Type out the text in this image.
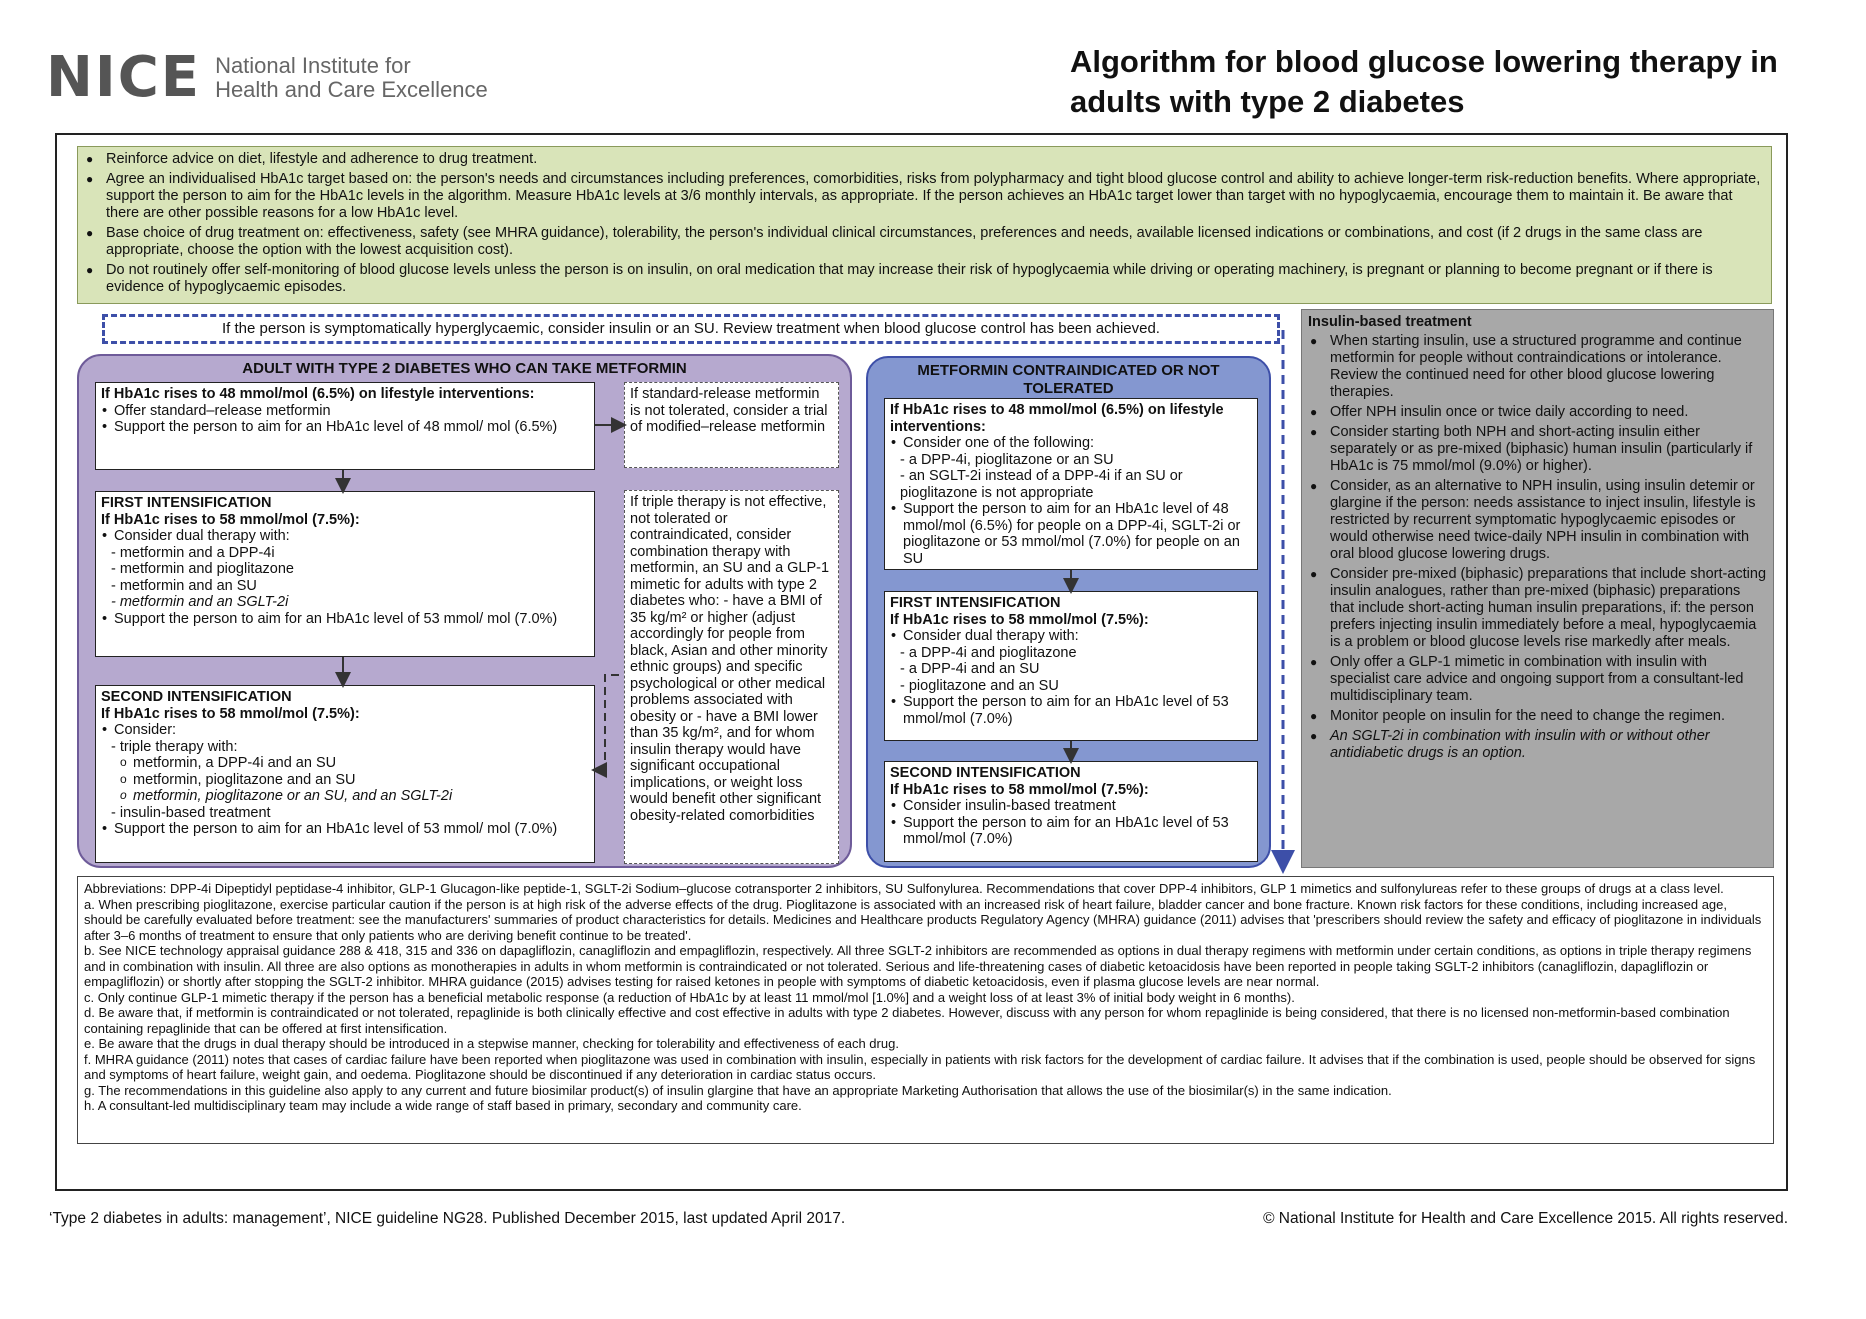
NICE National Institute for
Health and Care Excellence
Algorithm for blood glucose lowering therapy in
adults with type 2 diabetes
● Reinforce advice on diet, lifestyle and adherence to drug treatment.
● Agree an individualised HbA1c target based on: the person's needs and circumstances including preferences, comorbidities, risks from polypharmacy and tight blood glucose control and ability to achieve longer-term risk-reduction benefits. Where appropriate, support the person to aim for the HbA1c levels in the algorithm. Measure HbA1c levels at 3/6 monthly intervals, as appropriate. If the person achieves an HbA1c target lower than target with no hypoglycaemia, encourage them to maintain it. Be aware that there are other possible reasons for a low HbA1c level.
● Base choice of drug treatment on: effectiveness, safety (see MHRA guidance), tolerability, the person's individual clinical circumstances, preferences and needs, available licensed indications or combinations, and cost (if 2 drugs in the same class are appropriate, choose the option with the lowest acquisition cost).
● Do not routinely offer self-monitoring of blood glucose levels unless the person is on insulin, on oral medication that may increase their risk of hypoglycaemia while driving or operating machinery, is pregnant or planning to become pregnant or if there is evidence of hypoglycaemic episodes.
If the person is symptomatically hyperglycaemic, consider insulin or an SU. Review treatment when blood glucose control has been achieved.
ADULT WITH TYPE 2 DIABETES WHO CAN TAKE METFORMIN
If HbA1c rises to 48 mmol/mol (6.5%) on lifestyle interventions:
• Offer standard–release metformin
• Support the person to aim for an HbA1c level of 48 mmol/ mol (6.5%)
If standard-release metformin is not tolerated, consider a trial of modified–release metformin
FIRST INTENSIFICATION
If HbA1c rises to 58 mmol/mol (7.5%):
• Consider dual therapy with:
- metformin and a DPP-4i
- metformin and pioglitazone
- metformin and an SU
- metformin and an SGLT-2i
• Support the person to aim for an HbA1c level of 53 mmol/ mol (7.0%)
SECOND INTENSIFICATION
If HbA1c rises to 58 mmol/mol (7.5%):
• Consider:
- triple therapy with:
o metformin, a DPP-4i and an SU
o metformin, pioglitazone and an SU
o metformin, pioglitazone or an SU, and an SGLT-2i
- insulin-based treatment
• Support the person to aim for an HbA1c level of 53 mmol/ mol (7.0%)
If triple therapy is not effective, not tolerated or contraindicated, consider combination therapy with metformin, an SU and a GLP-1 mimetic for adults with type 2 diabetes who: - have a BMI of 35 kg/m² or higher (adjust accordingly for people from black, Asian and other minority ethnic groups) and specific psychological or other medical problems associated with obesity or - have a BMI lower than 35 kg/m², and for whom insulin therapy would have significant occupational implications, or weight loss would benefit other significant obesity-related comorbidities
METFORMIN CONTRAINDICATED OR NOT
TOLERATED
If HbA1c rises to 48 mmol/mol (6.5%) on lifestyle interventions:
• Consider one of the following:
- a DPP-4i, pioglitazone or an SU
- an SGLT-2i instead of a DPP-4i if an SU or pioglitazone is not appropriate
• Support the person to aim for an HbA1c level of 48 mmol/mol (6.5%) for people on a DPP-4i, SGLT-2i or pioglitazone or 53 mmol/mol (7.0%) for people on an SU
FIRST INTENSIFICATION
If HbA1c rises to 58 mmol/mol (7.5%):
• Consider dual therapy with:
- a DPP-4i and pioglitazone
- a DPP-4i and an SU
- pioglitazone and an SU
• Support the person to aim for an HbA1c level of 53 mmol/mol (7.0%)
SECOND INTENSIFICATION
If HbA1c rises to 58 mmol/mol (7.5%):
• Consider insulin-based treatment
• Support the person to aim for an HbA1c level of 53 mmol/mol (7.0%)
Insulin-based treatment
● When starting insulin, use a structured programme and continue metformin for people without contraindications or intolerance. Review the continued need for other blood glucose lowering therapies.
● Offer NPH insulin once or twice daily according to need.
● Consider starting both NPH and short-acting insulin either separately or as pre-mixed (biphasic) human insulin (particularly if HbA1c is 75 mmol/mol (9.0%) or higher).
● Consider, as an alternative to NPH insulin, using insulin detemir or glargine if the person: needs assistance to inject insulin, lifestyle is restricted by recurrent symptomatic hypoglycaemic episodes or would otherwise need twice-daily NPH insulin in combination with oral blood glucose lowering drugs.
● Consider pre-mixed (biphasic) preparations that include short-acting insulin analogues, rather than pre-mixed (biphasic) preparations that include short-acting human insulin preparations, if: the person prefers injecting insulin immediately before a meal, hypoglycaemia is a problem or blood glucose levels rise markedly after meals.
● Only offer a GLP-1 mimetic in combination with insulin with specialist care advice and ongoing support from a consultant-led multidisciplinary team.
● Monitor people on insulin for the need to change the regimen.
● An SGLT-2i in combination with insulin with or without other antidiabetic drugs is an option.

Abbreviations: DPP-4i Dipeptidyl peptidase-4 inhibitor, GLP-1 Glucagon-like peptide-1, SGLT-2i Sodium–glucose cotransporter 2 inhibitors, SU Sulfonylurea. Recommendations that cover DPP-4 inhibitors, GLP 1 mimetics and sulfonylureas refer to these groups of drugs at a class level.

a. When prescribing pioglitazone, exercise particular caution if the person is at high risk of the adverse effects of the drug. Pioglitazone is associated with an increased risk of heart failure, bladder cancer and bone fracture. Known risk factors for these conditions, including increased age, should be carefully evaluated before treatment: see the manufacturers' summaries of product characteristics for details. Medicines and Healthcare products Regulatory Agency (MHRA) guidance (2011) advises that 'prescribers should review the safety and efficacy of pioglitazone in individuals after 3–6 months of treatment to ensure that only patients who are deriving benefit continue to be treated'.

b. See NICE technology appraisal guidance 288 & 418, 315 and 336 on dapagliflozin, canagliflozin and empagliflozin, respectively. All three SGLT-2 inhibitors are recommended as options in dual therapy regimens with metformin under certain conditions, as options in triple therapy regimens and in combination with insulin. All three are also options as monotherapies in adults in whom metformin is contraindicated or not tolerated. Serious and life-threatening cases of diabetic ketoacidosis have been reported in people taking SGLT-2 inhibitors (canagliflozin, dapagliflozin or empagliflozin) or shortly after stopping the SGLT-2 inhibitor. MHRA guidance (2015) advises testing for raised ketones in people with symptoms of diabetic ketoacidosis, even if plasma glucose levels are near normal.

c. Only continue GLP-1 mimetic therapy if the person has a beneficial metabolic response (a reduction of HbA1c by at least 11 mmol/mol [1.0%] and a weight loss of at least 3% of initial body weight in 6 months).

d. Be aware that, if metformin is contraindicated or not tolerated, repaglinide is both clinically effective and cost effective in adults with type 2 diabetes. However, discuss with any person for whom repaglinide is being considered, that there is no licensed non-metformin-based combination containing repaglinide that can be offered at first intensification.

e. Be aware that the drugs in dual therapy should be introduced in a stepwise manner, checking for tolerability and effectiveness of each drug.

f. MHRA guidance (2011) notes that cases of cardiac failure have been reported when pioglitazone was used in combination with insulin, especially in patients with risk factors for the development of cardiac failure. It advises that if the combination is used, people should be observed for signs and symptoms of heart failure, weight gain, and oedema. Pioglitazone should be discontinued if any deterioration in cardiac status occurs.

g. The recommendations in this guideline also apply to any current and future biosimilar product(s) of insulin glargine that have an appropriate Marketing Authorisation that allows the use of the biosimilar(s) in the same indication.

h. A consultant-led multidisciplinary team may include a wide range of staff based in primary, secondary and community care.

‘Type 2 diabetes in adults: management’, NICE guideline NG28. Published December 2015, last updated April 2017.	© National Institute for Health and Care Excellence 2015. All rights reserved.
